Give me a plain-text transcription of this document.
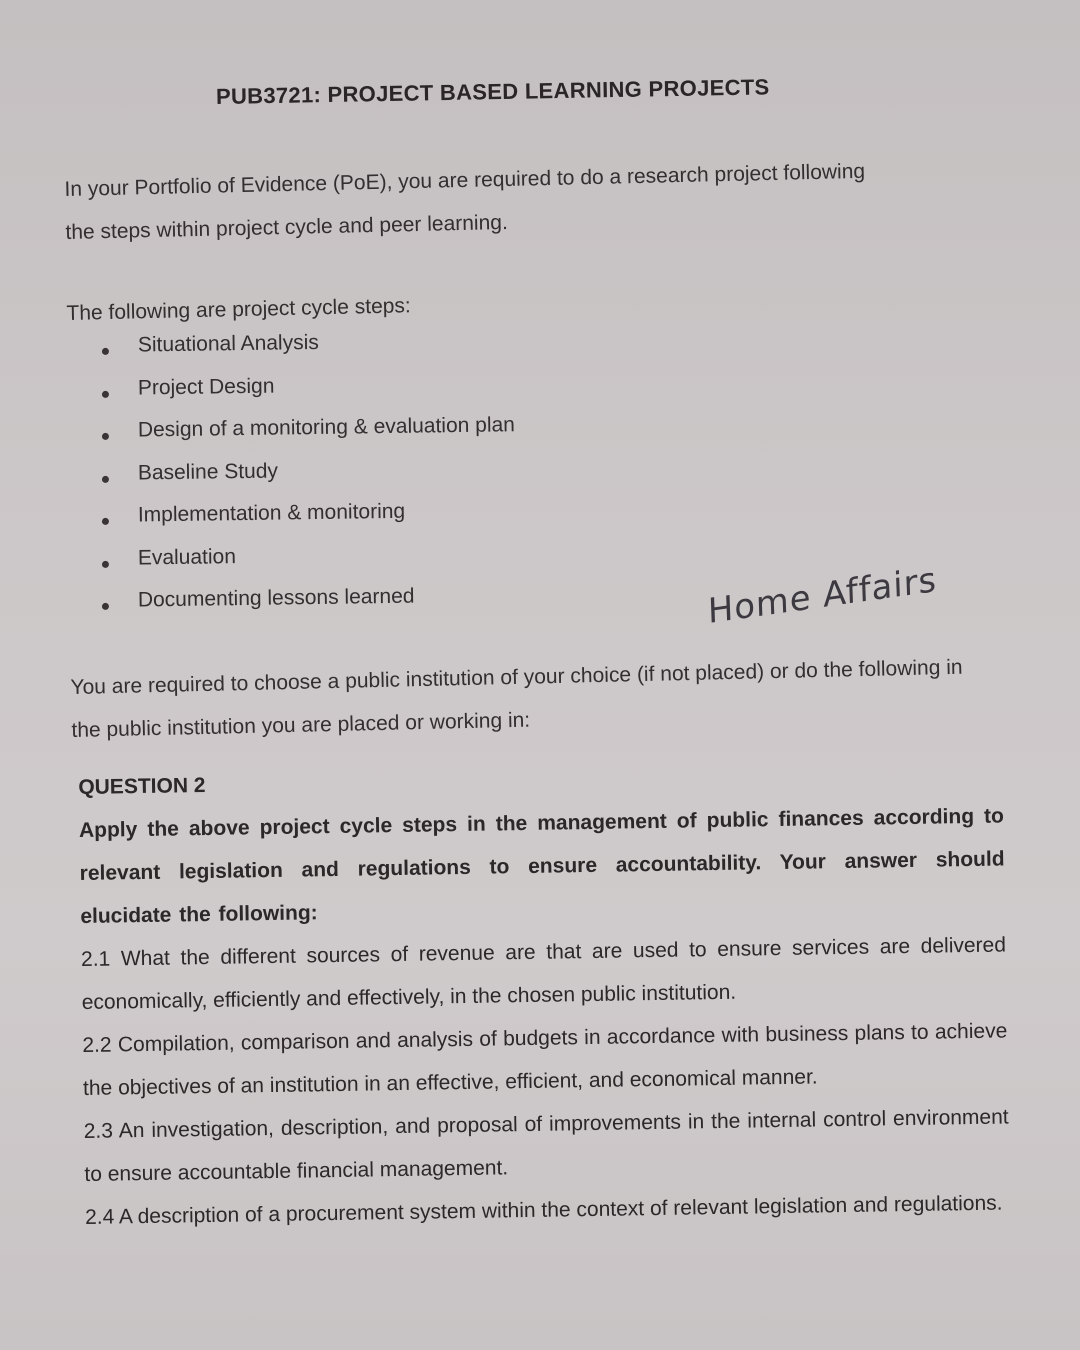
PUB3721: PROJECT BASED LEARNING PROJECTS
In your Portfolio of Evidence (PoE), you are required to do a research project following the steps within project cycle and peer learning.
The following are project cycle steps:
Situational Analysis
Project Design
Design of a monitoring & evaluation plan
Baseline Study
Implementation & monitoring
Evaluation
Documenting lessons learned	Home Affairs
You are required to choose a public institution of your choice (if not placed) or do the following in the public institution you are placed or working in:
QUESTION 2
Apply the above project cycle steps in the management of public finances according to relevant legislation and regulations to ensure accountability. Your answer should elucidate the following:
2.1 What the different sources of revenue are that are used to ensure services are delivered economically, efficiently and effectively, in the chosen public institution.
2.2 Compilation, comparison and analysis of budgets in accordance with business plans to achieve the objectives of an institution in an effective, efficient, and economical manner.
2.3 An investigation, description, and proposal of improvements in the internal control environment to ensure accountable financial management.
2.4 A description of a procurement system within the context of relevant legislation and regulations.
